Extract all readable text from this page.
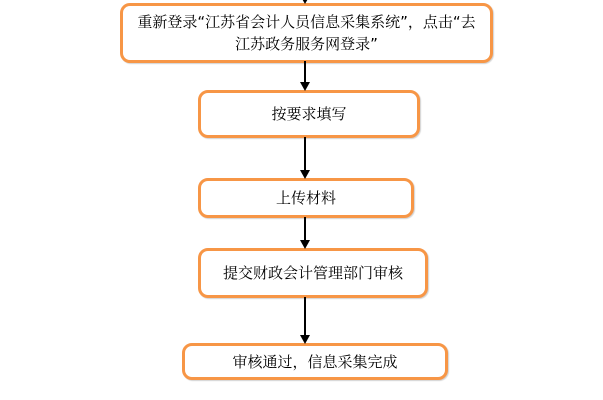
重新登录“江苏省会计人员信息采集系统”，点击“去
江苏政务服务网登录”
按要求填写
上传材料
提交财政会计管理部门审核
审核通过，信息采集完成
